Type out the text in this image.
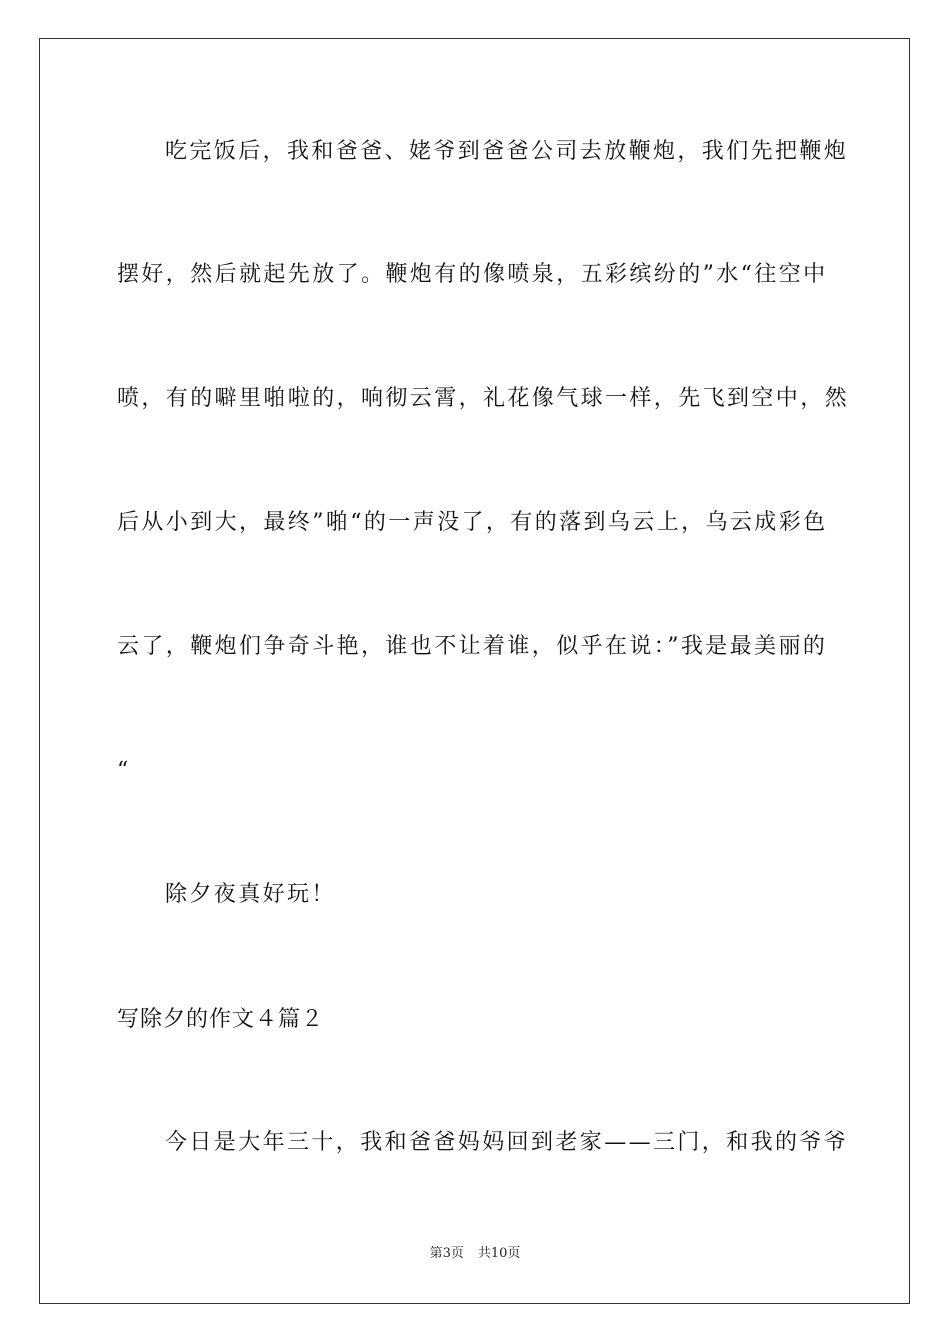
吃完饭后，我和爸爸、姥爷到爸爸公司去放鞭炮，我们先把鞭炮
摆好，然后就起先放了。鞭炮有的像喷泉，五彩缤纷的”水“往空中
喷，有的噼里啪啦的，响彻云霄，礼花像气球一样，先飞到空中，然
后从小到大，最终”啪“的一声没了，有的落到乌云上，乌云成彩色
云了，鞭炮们争奇斗艳，谁也不让着谁，似乎在说：”我是最美丽的
“
除夕夜真好玩！
写除夕的作文４篇２
今日是大年三十，我和爸爸妈妈回到老家——三门，和我的爷爷
第3页 共10页
